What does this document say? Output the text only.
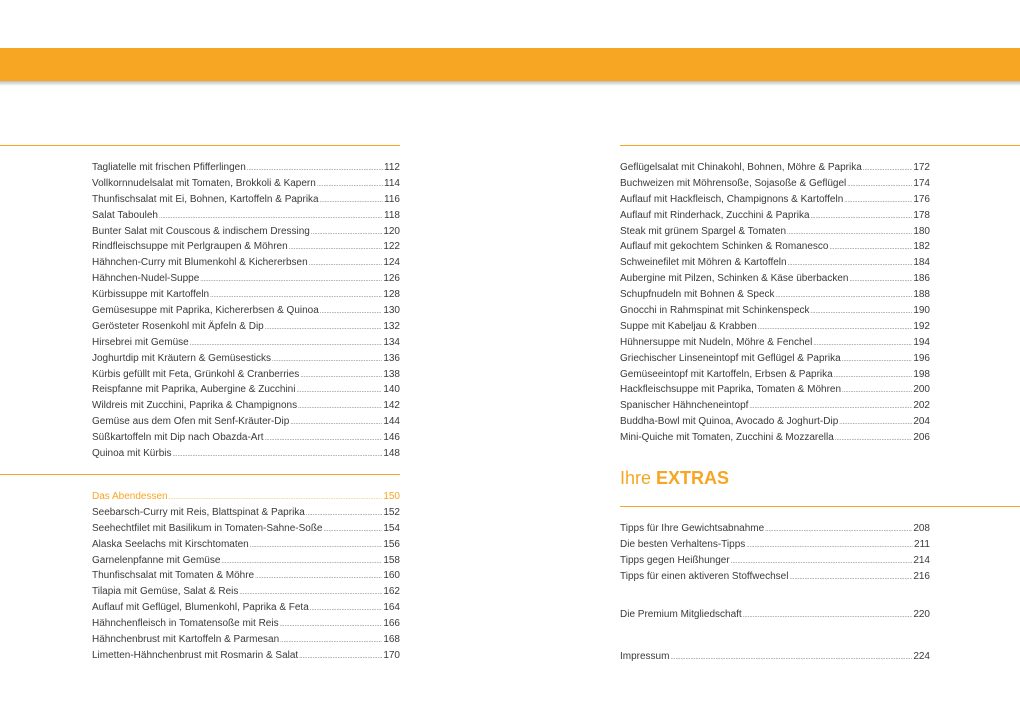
Tagliatelle mit frischen Pfifferlingen .....	112
Vollkornnudelsalat mit Tomaten, Brokkoli & Kapern .....	114
Thunfischsalat mit Ei, Bohnen, Kartoffeln & Paprika .....	116
Salat Tabouleh .....	118
Bunter Salat mit Couscous & indischem Dressing .....	120
Rindfleischsuppe mit Perlgraupen & Möhren .....	122
Hähnchen-Curry mit Blumenkohl & Kichererbsen .....	124
Hähnchen-Nudel-Suppe .....	126
Kürbissuppe mit Kartoffeln .....	128
Gemüsesuppe mit Paprika, Kichererbsen & Quinoa .....	130
Gerösteter Rosenkohl mit Äpfeln & Dip .....	132
Hirsebrei mit Gemüse .....	134
Joghurtdip mit Kräutern & Gemüsesticks .....	136
Kürbis gefüllt mit Feta, Grünkohl & Cranberries .....	138
Reispfanne mit Paprika, Aubergine & Zucchini .....	140
Wildreis mit Zucchini, Paprika & Champignons .....	142
Gemüse aus dem Ofen mit Senf-Kräuter-Dip .....	144
Süßkartoffeln mit Dip nach Obazda-Art .....	146
Quinoa mit Kürbis .....	148
Das Abendessen .....	150
Seebarsch-Curry mit Reis, Blattspinat & Paprika .....	152
Seehechtfilet mit Basilikum in Tomaten-Sahne-Soße .....	154
Alaska Seelachs mit Kirschtomaten .....	156
Garnelenpfanne mit Gemüse .....	158
Thunfischsalat mit Tomaten & Möhre .....	160
Tilapia mit Gemüse, Salat & Reis .....	162
Auflauf mit Geflügel, Blumenkohl, Paprika & Feta .....	164
Hähnchenfleisch in Tomatensoße mit Reis .....	166
Hähnchenbrust mit Kartoffeln & Parmesan .....	168
Limetten-Hähnchenbrust mit Rosmarin & Salat .....	170
Geflügelsalat mit Chinakohl, Bohnen, Möhre & Paprika .....	172
Buchweizen mit Möhrensoße, Sojasoße & Geflügel .....	174
Auflauf mit Hackfleisch, Champignons & Kartoffeln .....	176
Auflauf mit Rinderhack, Zucchini & Paprika .....	178
Steak mit grünem Spargel & Tomaten .....	180
Auflauf mit gekochtem Schinken & Romanesco .....	182
Schweinefilet mit Möhren & Kartoffeln .....	184
Aubergine mit Pilzen, Schinken & Käse überbacken .....	186
Schupfnudeln mit Bohnen & Speck .....	188
Gnocchi in Rahmspinat mit Schinkenspeck .....	190
Suppe mit Kabeljau & Krabben .....	192
Hühnersuppe mit Nudeln, Möhre & Fenchel .....	194
Griechischer Linseneintopf mit Geflügel & Paprika .....	196
Gemüseeintopf mit Kartoffeln, Erbsen & Paprika .....	198
Hackfleischsuppe mit Paprika, Tomaten & Möhren .....	200
Spanischer Hähncheneintopf .....	202
Buddha-Bowl mit Quinoa, Avocado & Joghurt-Dip .....	204
Mini-Quiche mit Tomaten, Zucchini & Mozzarella .....	206
Ihre EXTRAS
Tipps für Ihre Gewichtsabnahme .....	208
Die besten Verhaltens-Tipps .....	211
Tipps gegen Heißhunger .....	214
Tipps für einen aktiveren Stoffwechsel .....	216
Die Premium Mitgliedschaft .....	220
Impressum .....	224
